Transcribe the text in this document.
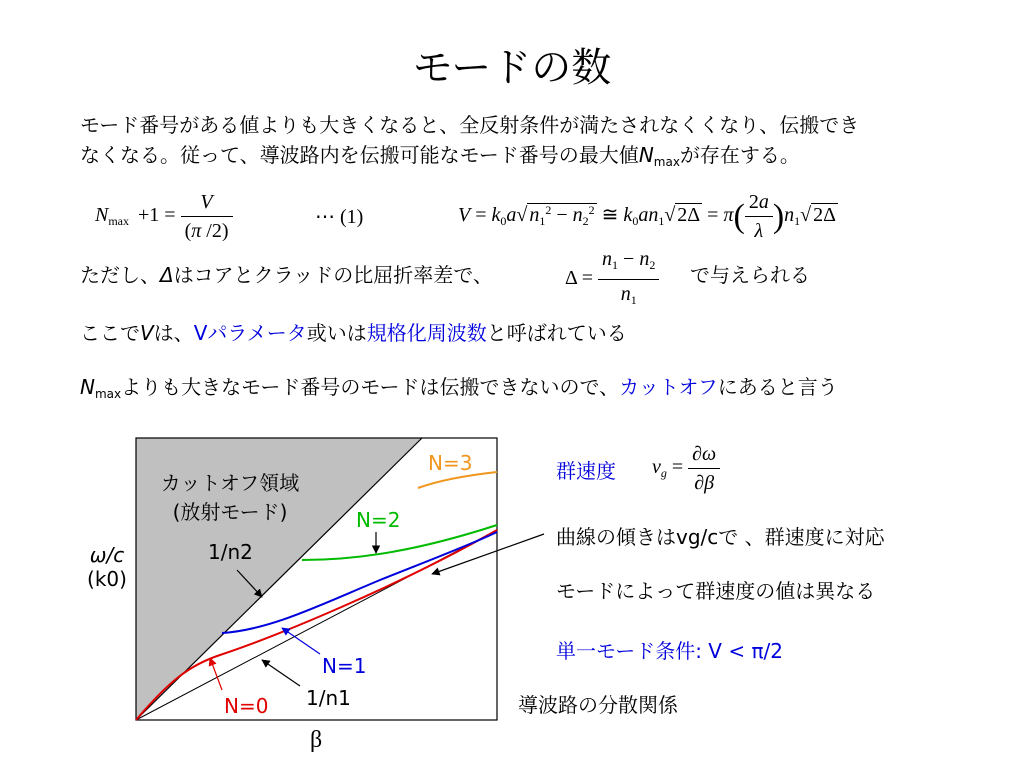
モードの数
モード番号がある値よりも大きくなると、全反射条件が満たされなくくなり、伝搬でき
なくなる。従って、導波路内を伝搬可能なモード番号の最大値$N_{max}$が存在する。
$N_{max} +1 = \frac{V}{(\pi /2)}$	⋯ (1)	$V = k_0a√$ $n_1^2 - n_2^2$ ≅ $k_0an_1√$ $2\Delta = \pi( \frac{2a}{\lambda} )n_1√$ 2Δ
ただし、Δはコアとクラッドの比屈折率差で、	$\Delta = \frac{n_1 - n_2}{n_1}$ で与えられる
ここでVは、Vパラメータ或いは規格化周波数と呼ばれている
$N_{max}$よりも大きなモード番号のモードは伝搬できないので、カットオフにあると言う
カットオフ領域
(放射モード)
ω/c
(k0)
1/n2
1/n1
N=3
N=2
N=1
N=0
β
群速度	$v_g = \frac{\partial\omega}{\partial\beta}$
曲線の傾きはvg/cで 、群速度に対応
モードによって群速度の値は異なる
単一モード条件: V < π/2
導波路の分散関係
